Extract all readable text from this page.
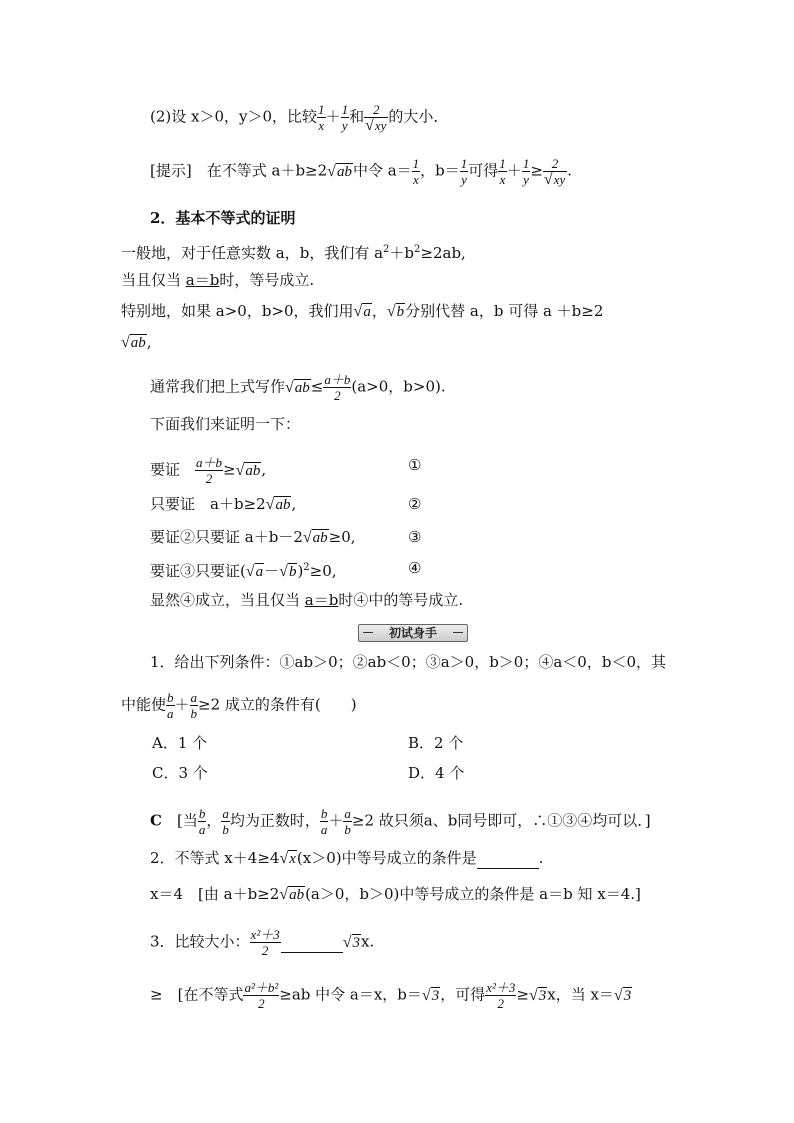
(2)设 x＞0，y＞0，比较 $\frac{1}{x} + \frac{1}{y}$ 和 $\frac{2}{√xy}$ 的大小．
[提示]　 在不等式 a＋b≥2√ab中令 $a= \frac{1}{x}$ ，$b= \frac{1}{y}$ 可得 $\frac{1}{x} + \frac{1}{y} \ge \frac{2}{√xy}$ .
2．基本不等式的证明
一般地，对于任意实数 a，b，我们有 $a^2+b^2\ge 2ab$,
当且仅当 a＝b时，等号成立.
特别地，如果 a>0，b>0，我们用√a，√b分别代替 a，b 可得 a ＋b≥2
√ab,
通常我们把上式写作$√ab\le \frac{a+b}{2} (a>0$，b>0).
下面我们来证明一下：
要证　 $\frac{a+b}{2} \ge√ab$,	①
只要证　a＋b≥2√ab,	②
要证②只要证 a＋b－2√ab≥0,	③
要证③只要证$(√a-√b)^2\ge 0$,	④
显然④成立，当且仅当 a＝b时④中的等号成立.
初试身手
1．给出下列条件：①ab＞0；②ab＜0；③a＞0，b＞0；④a＜0，b＜0，其
中能使 $\frac{b}{a} + \frac{a}{b} \ge 2$ 成立的条件有(　　)
A．1 个	B．2 个
C．3 个	D．4 个
C　 [当 $\frac{b}{a}$ ， $\frac{a}{b}$ 均为正数时， $\frac{b}{a} + \frac{a}{b} \ge 2$ 故只须a、b同号即可，∴①③④均可以．]
2．不等式 x＋4≥4√x(x＞0)中等号成立的条件是	.
x＝4　[由 a＋b≥2√ab(a＞0，b＞0)中等号成立的条件是 a＝b 知 x＝4.]
3．比较大小： $\frac{\text{x²＋3}}{2}$	√3x.
≥　 [在不等式 $\frac{\text{a²＋b²}}{2} \ge ab$ 中令 a＝x，b＝√3，可得 $\frac{\text{x²＋3}}{2} \ge√3x$，当 x＝√3
